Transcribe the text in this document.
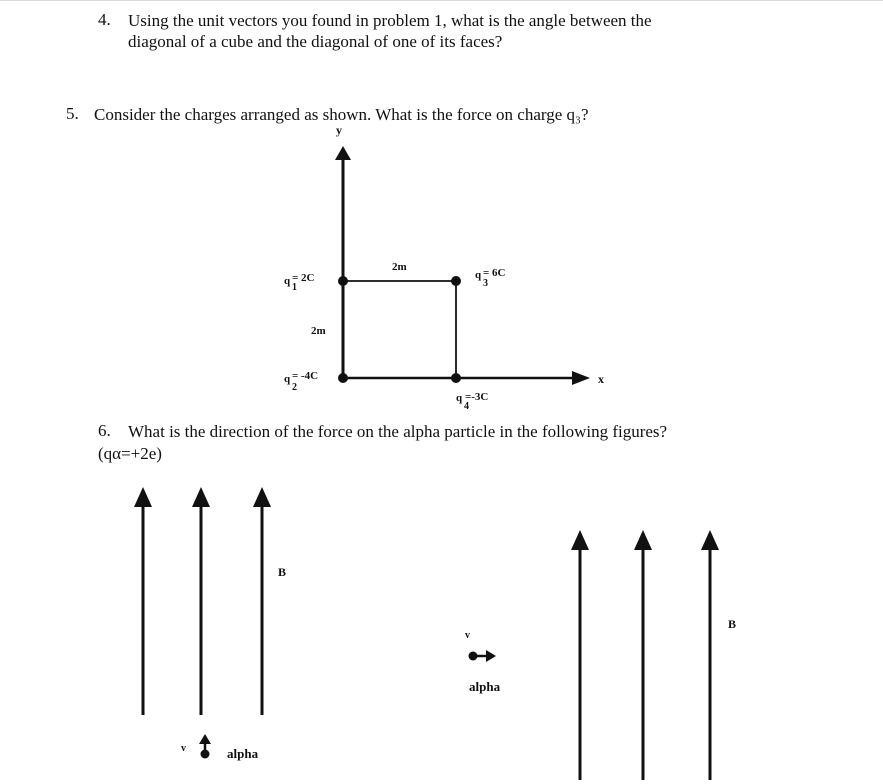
4. Using the unit vectors you found in problem 1, what is the angle between the
diagonal of a cube and the diagonal of one of its faces?
5. Consider the charges arranged as shown. What is the force on charge q₃?
6. What is the direction of the force on the alpha particle in the following figures?
(qα=+2e)
y
x
2m
2m
q
1
= 2C
q
2
= -4C
q
3
= 6C
q
4
=-3C
B
v	alpha
B
v
alpha
